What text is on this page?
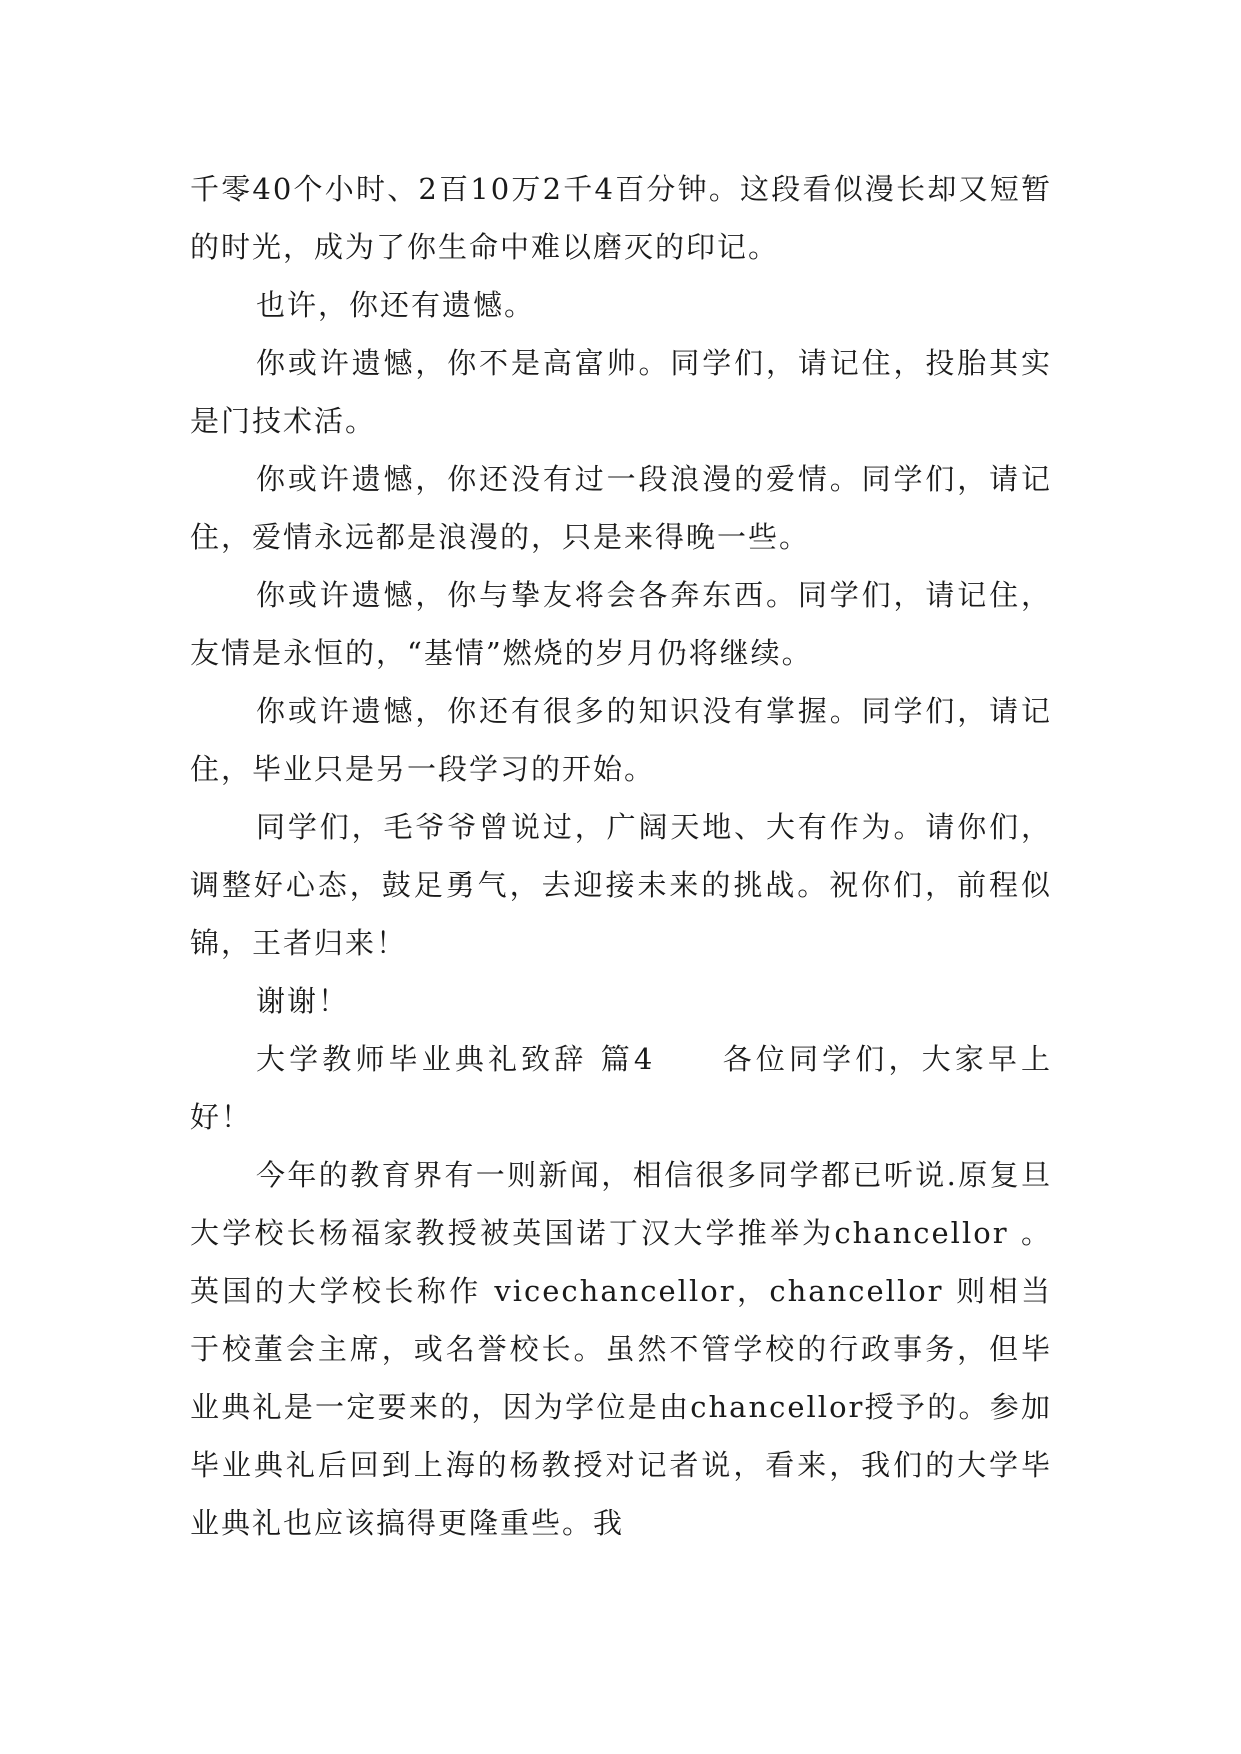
千零40个小时、2百10万2千4百分钟。这段看似漫长却又短暂的时光，成为了你生命中难以磨灭的印记。

也许，你还有遗憾。

你或许遗憾，你不是高富帅。同学们，请记住，投胎其实是门技术活。

你或许遗憾，你还没有过一段浪漫的爱情。同学们，请记住，爱情永远都是浪漫的，只是来得晚一些。

你或许遗憾，你与挚友将会各奔东西。同学们，请记住，友情是永恒的，“基情”燃烧的岁月仍将继续。

你或许遗憾，你还有很多的知识没有掌握。同学们，请记住，毕业只是另一段学习的开始。

同学们，毛爷爷曾说过，广阔天地、大有作为。请你们，调整好心态，鼓足勇气，去迎接未来的挑战。祝你们，前程似锦，王者归来！

谢谢！

大学教师毕业典礼致辞 篇4　　各位同学们，大家早上好！

今年的教育界有一则新闻，相信很多同学都已听说.原复旦大学校长杨福家教授被英国诺丁汉大学推举为chancellor 。英国的大学校长称作 vicechancellor，chancellor 则相当于校董会主席，或名誉校长。虽然不管学校的行政事务，但毕业典礼是一定要来的，因为学位是由chancellor授予的。参加毕业典礼后回到上海的杨教授对记者说，看来，我们的大学毕业典礼也应该搞得更隆重些。我
